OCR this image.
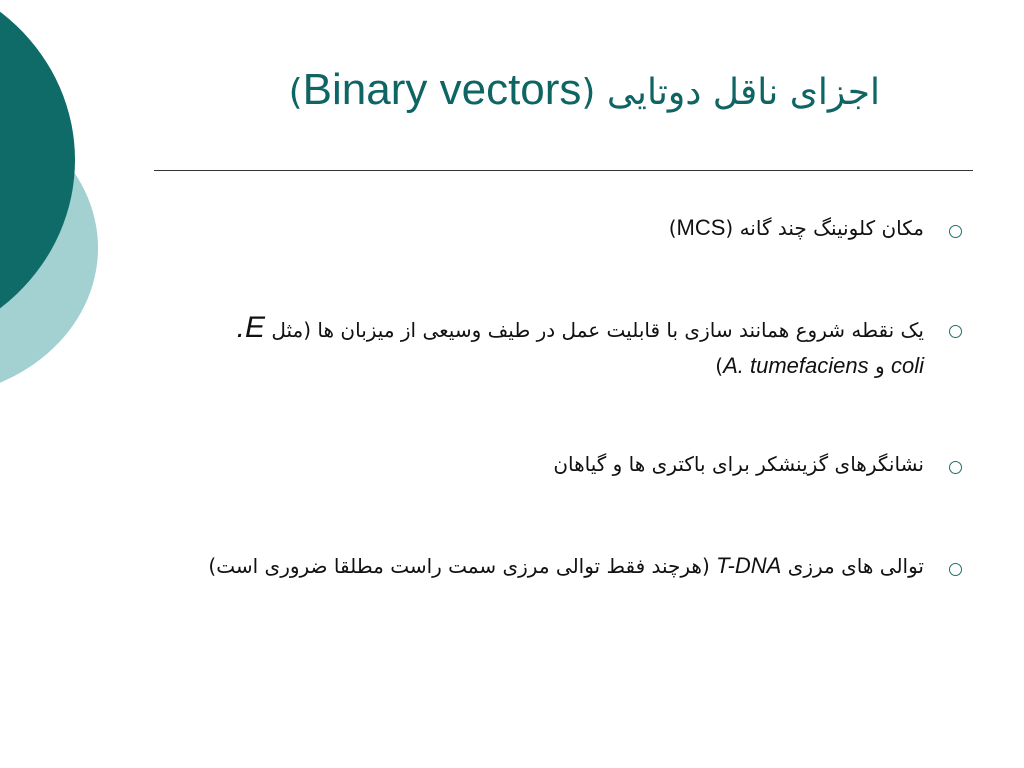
اجزای ناقل دوتایی (Binary vectors)
مکان کلونینگ چند گانه (MCS)
یک نقطه شروع همانند سازی با قابلیت عمل در طیف وسیعی از میزبان ها (مثل E.
coli و A. tumefaciens)
نشانگرهای گزینشکر برای باکتری ها و گیاهان
توالی های مرزی T-DNA (هرچند فقط توالی مرزی سمت راست مطلقا ضروری است)
